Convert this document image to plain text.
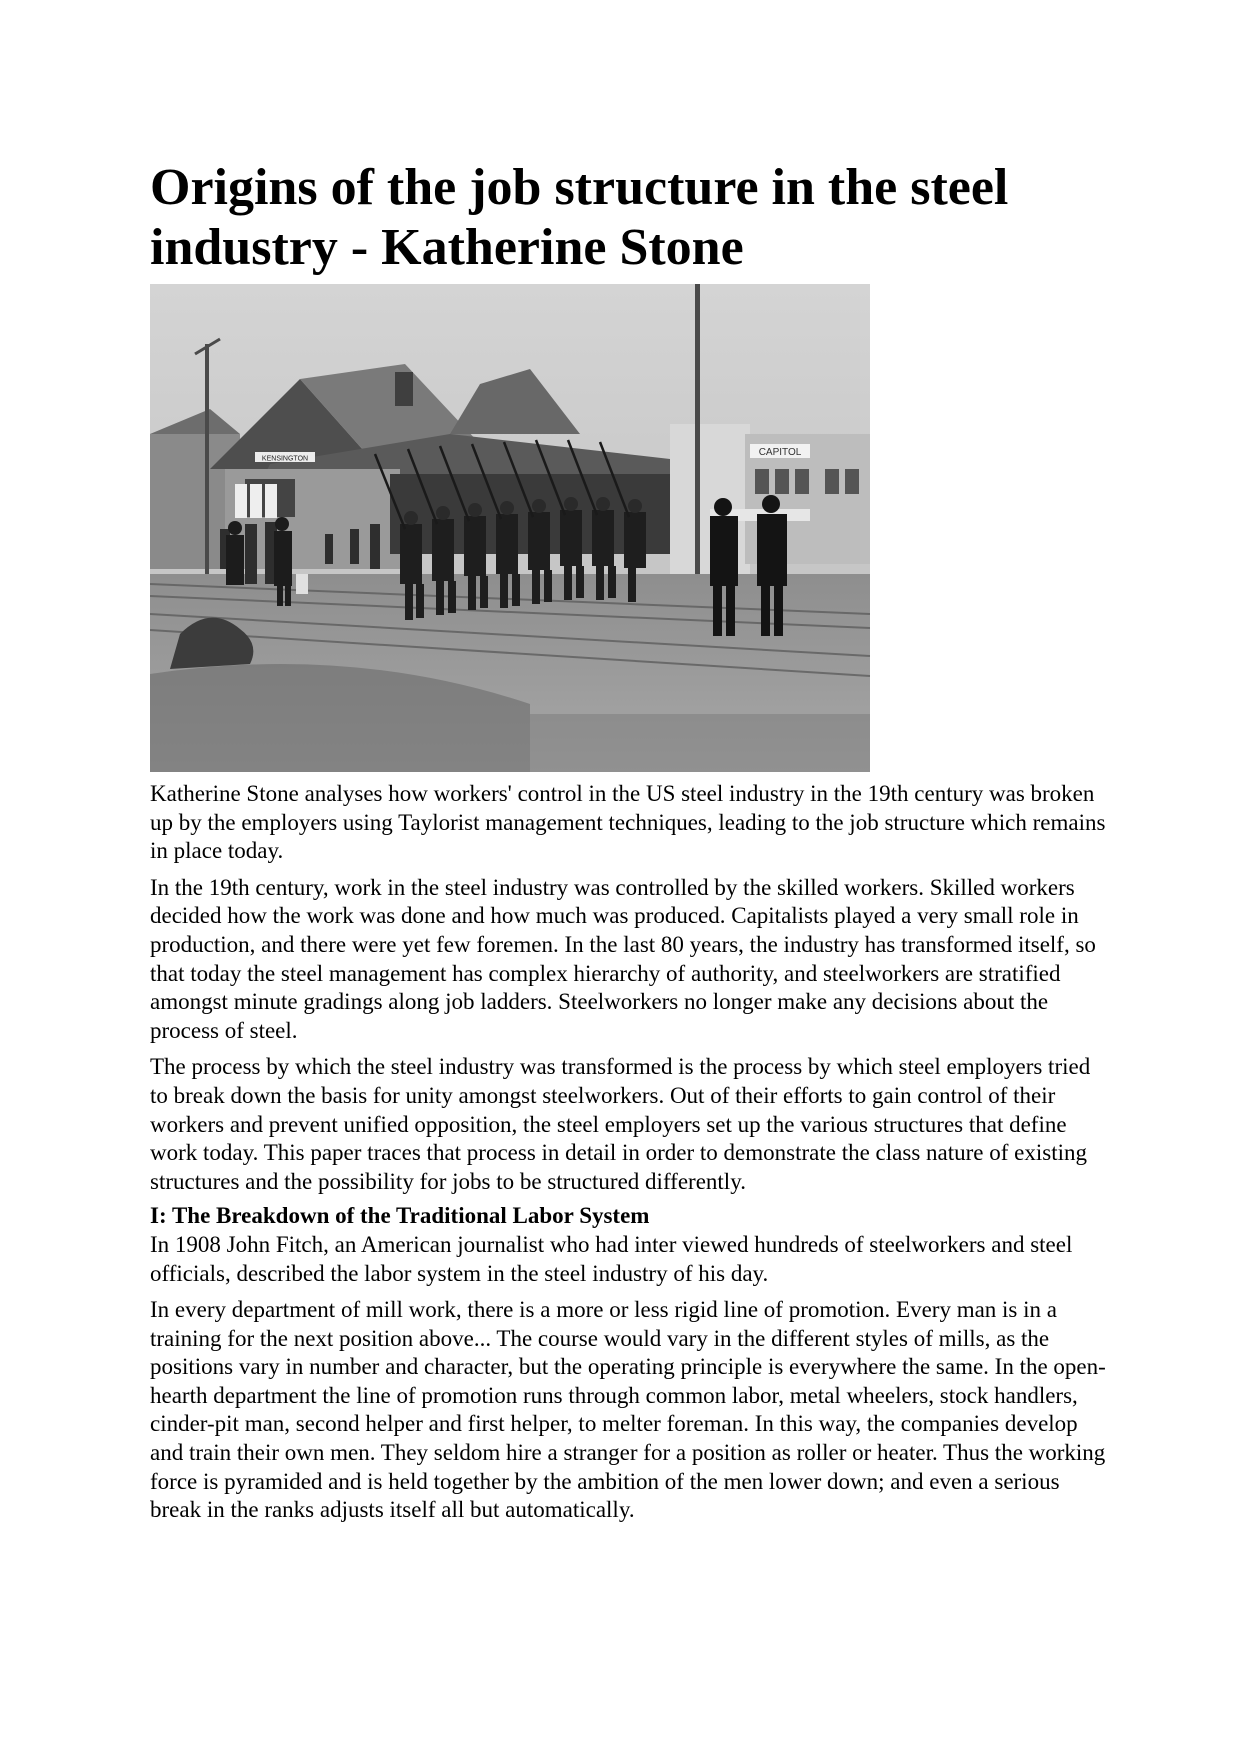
Origins of the job structure in the steel
industry - Katherine Stone
KENSINGTON
CAPITOL

Katherine Stone analyses how workers' control in the US steel industry in the 19th century was broken up by the employers using Taylorist management techniques, leading to the job structure which remains in place today.

In the 19th century, work in the steel industry was controlled by the skilled workers. Skilled workers decided how the work was done and how much was produced. Capitalists played a very small role in production, and there were yet few foremen. In the last 80 years, the industry has transformed itself, so that today the steel management has complex hierarchy of authority, and steelworkers are stratified amongst minute gradings along job ladders. Steelworkers no longer make any decisions about the process of steel.

The process by which the steel industry was transformed is the process by which steel employers tried to break down the basis for unity amongst steelworkers. Out of their efforts to gain control of their workers and prevent unified opposition, the steel employers set up the various structures that define work today. This paper traces that process in detail in order to demonstrate the class nature of existing structures and the possibility for jobs to be structured differently.

I: The Breakdown of the Traditional Labor System

In 1908 John Fitch, an American journalist who had inter viewed hundreds of steelworkers and steel officials, described the labor system in the steel industry of his day.

In every department of mill work, there is a more or less rigid line of promotion. Every man is in a training for the next position above... The course would vary in the different styles of mills, as the positions vary in number and character, but the operating principle is everywhere the same. In the open-hearth department the line of promotion runs through common labor, metal wheelers, stock handlers, cinder-pit man, second helper and first helper, to melter foreman. In this way, the companies develop and train their own men. They seldom hire a stranger for a position as roller or heater. Thus the working force is pyramided and is held together by the ambition of the men lower down; and even a serious break in the ranks adjusts itself all but automatically.
